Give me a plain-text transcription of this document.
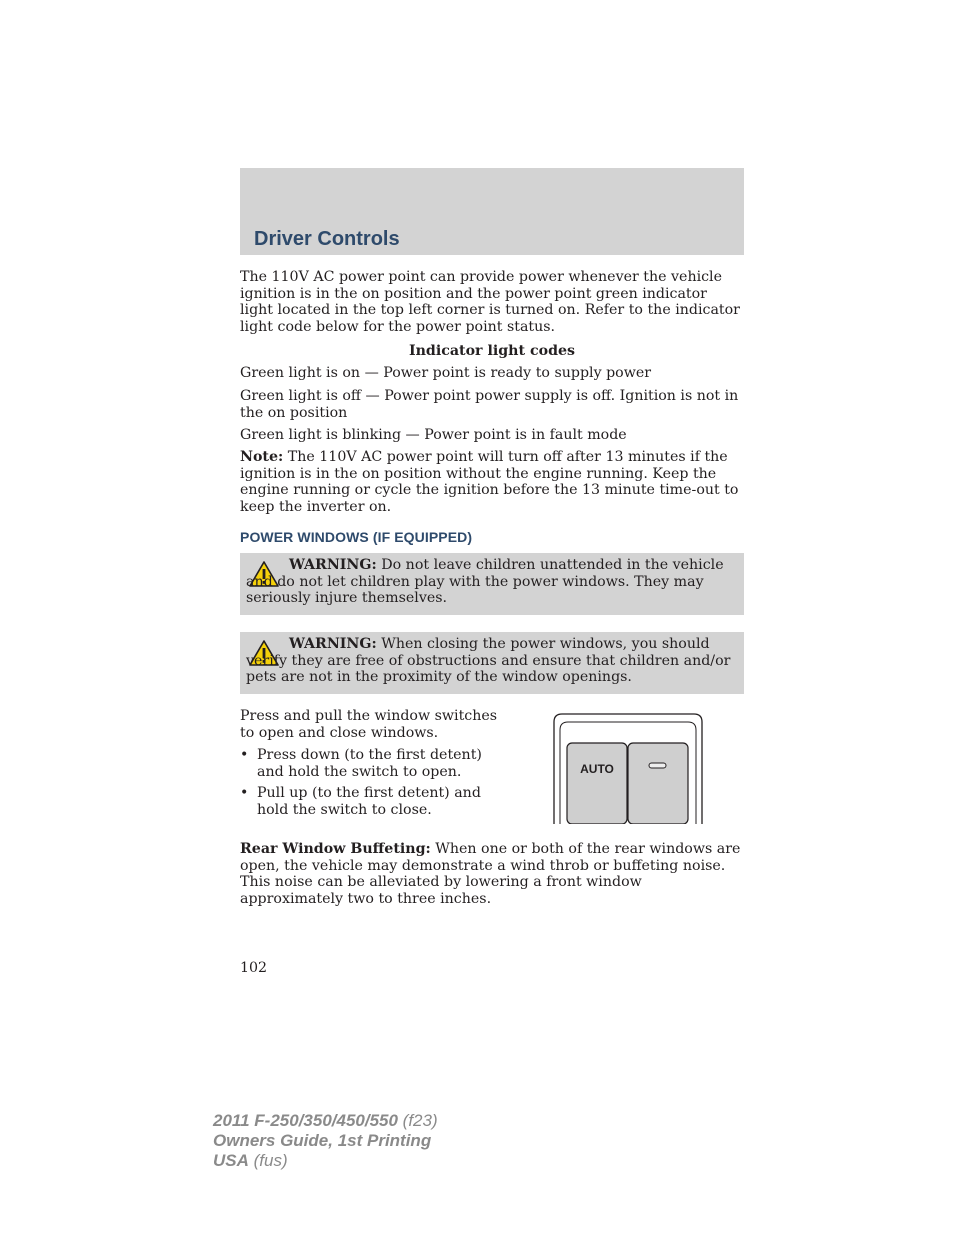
Driver Controls
The 110V AC power point can provide power whenever the vehicle ignition is in the on position and the power point green indicator light located in the top left corner is turned on. Refer to the indicator light code below for the power point status.
Indicator light codes
Green light is on — Power point is ready to supply power
Green light is off — Power point power supply is off. Ignition is not in the on position
Green light is blinking — Power point is in fault mode
Note: The 110V AC power point will turn off after 13 minutes if the ignition is in the on position without the engine running. Keep the engine running or cycle the ignition before the 13 minute time-out to keep the inverter on.
POWER WINDOWS (IF EQUIPPED)
WARNING: Do not leave children unattended in the vehicle and do not let children play with the power windows. They may seriously injure themselves.
WARNING: When closing the power windows, you should verify they are free of obstructions and ensure that children and/or pets are not in the proximity of the window openings.
Press and pull the window switches to open and close windows.
• Press down (to the first detent) and hold the switch to open.
• Pull up (to the first detent) and hold the switch to close.
AUTO
Rear Window Buffeting: When one or both of the rear windows are open, the vehicle may demonstrate a wind throb or buffeting noise. This noise can be alleviated by lowering a front window approximately two to three inches.
102
2011 F-250/350/450/550 (f23)
Owners Guide, 1st Printing
USA (fus)
